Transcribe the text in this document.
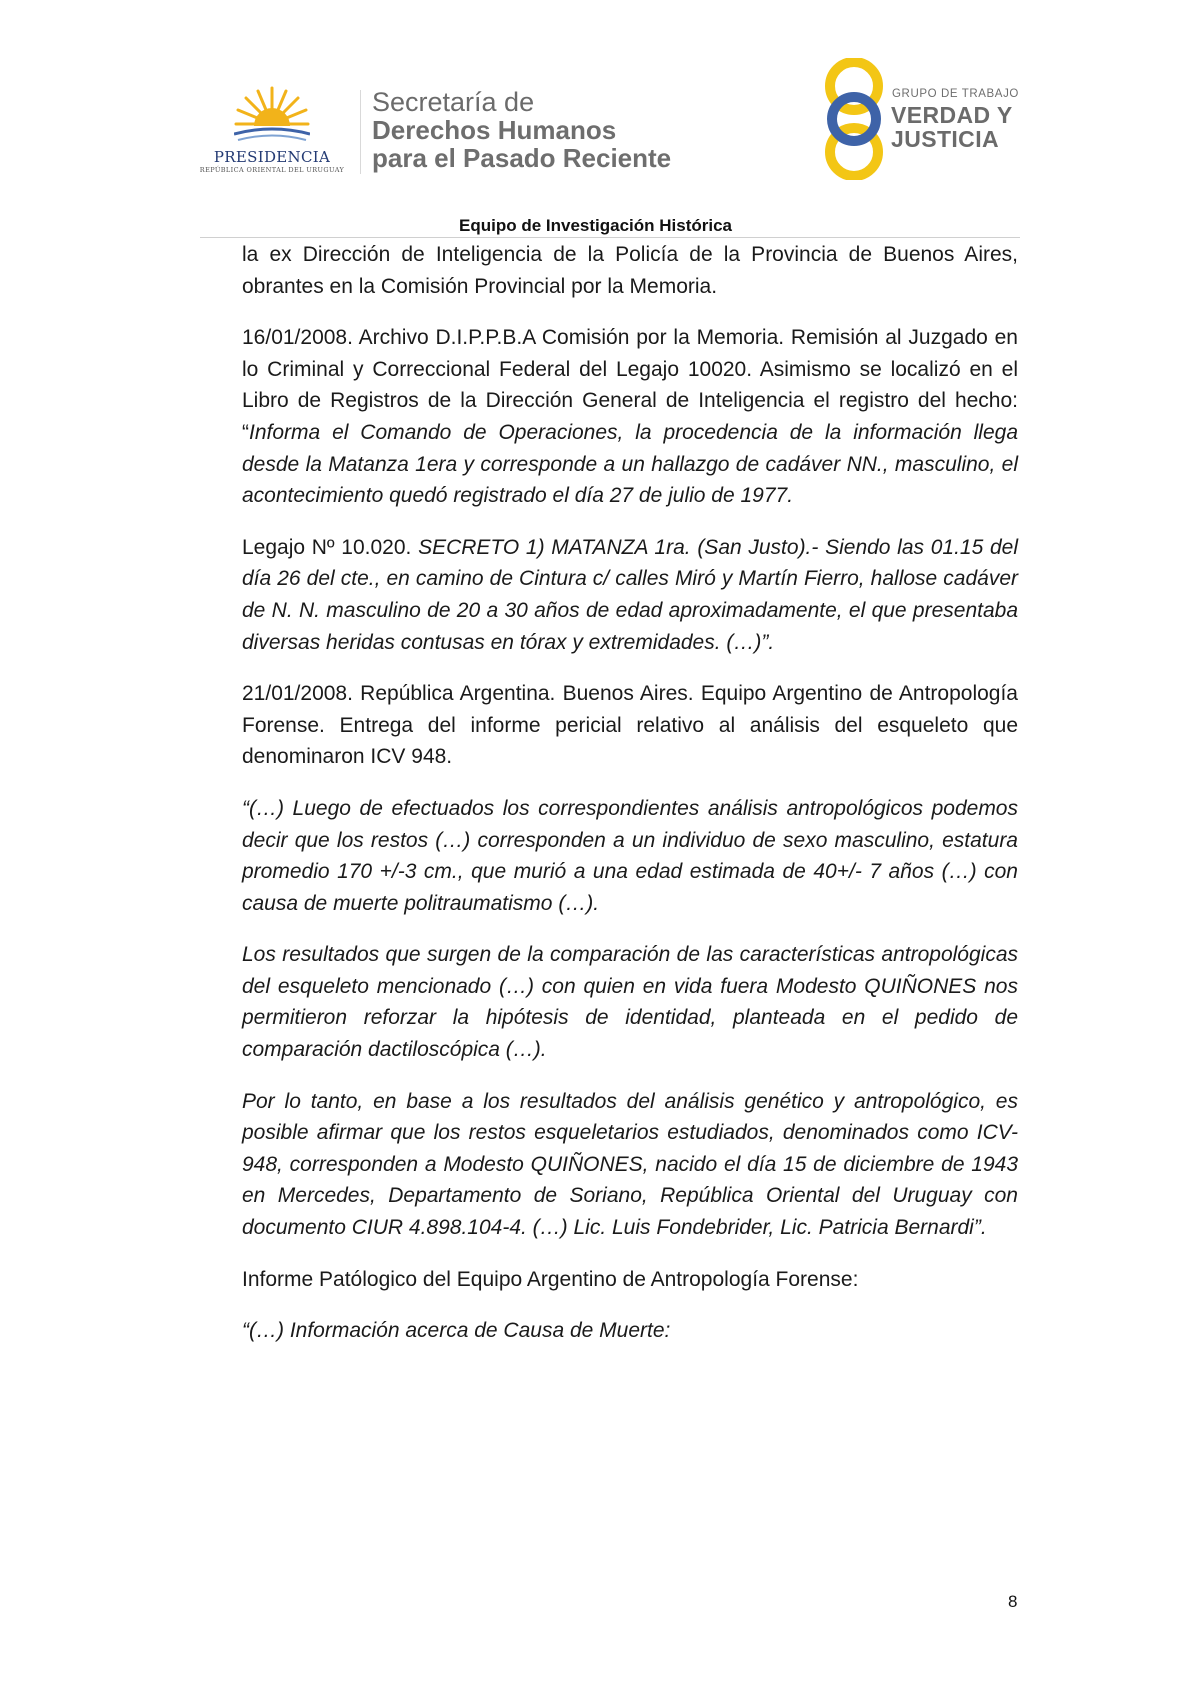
PRESIDENCIA
REPÚBLICA ORIENTAL DEL URUGUAY
Secretaría de
Derechos Humanos
para el Pasado Reciente
GRUPO DE TRABAJO
VERDAD Y
JUSTICIA
Equipo de Investigación Histórica

la ex Dirección de Inteligencia de la Policía de la Provincia de Buenos Aires, obrantes en la Comisión Provincial por la Memoria.

16/01/2008. Archivo D.I.P.P.B.A Comisión por la Memoria. Remisión al Juzgado en lo Criminal y Correccional Federal del Legajo 10020. Asimismo se localizó en el Libro de Registros de la Dirección General de Inteligencia el registro del hecho: “Informa el Comando de Operaciones, la procedencia de la información llega desde la Matanza 1era y corresponde a un hallazgo de cadáver NN., masculino, el acontecimiento quedó registrado el día 27 de julio de 1977.

Legajo Nº 10.020. SECRETO 1) MATANZA 1ra. (San Justo).- Siendo las 01.15 del día 26 del cte., en camino de Cintura c/ calles Miró y Martín Fierro, hallose cadáver de N. N. masculino de 20 a 30 años de edad aproximadamente, el que presentaba diversas heridas contusas en tórax y extremidades. (…)”.

21/01/2008. República Argentina. Buenos Aires. Equipo Argentino de Antropología Forense. Entrega del informe pericial relativo al análisis del esqueleto que denominaron ICV 948.

“(…) Luego de efectuados los correspondientes análisis antropológicos podemos decir que los restos (…) corresponden a un individuo de sexo masculino, estatura promedio 170 +/-3 cm., que murió a una edad estimada de 40+/- 7 años (…) con causa de muerte politraumatismo (…).

Los resultados que surgen de la comparación de las características antropológicas del esqueleto mencionado (…) con quien en vida fuera Modesto QUIÑONES nos permitieron reforzar la hipótesis de identidad, planteada en el pedido de comparación dactiloscópica (…).

Por lo tanto, en base a los resultados del análisis genético y antropológico, es posible afirmar que los restos esqueletarios estudiados, denominados como ICV-948, corresponden a Modesto QUIÑONES, nacido el día 15 de diciembre de 1943 en Mercedes, Departamento de Soriano, República Oriental del Uruguay con documento CIUR 4.898.104-4. (…) Lic. Luis Fondebrider, Lic. Patricia Bernardi”.

Informe Patólogico del Equipo Argentino de Antropología Forense:

“(…) Información acerca de Causa de Muerte:

8
